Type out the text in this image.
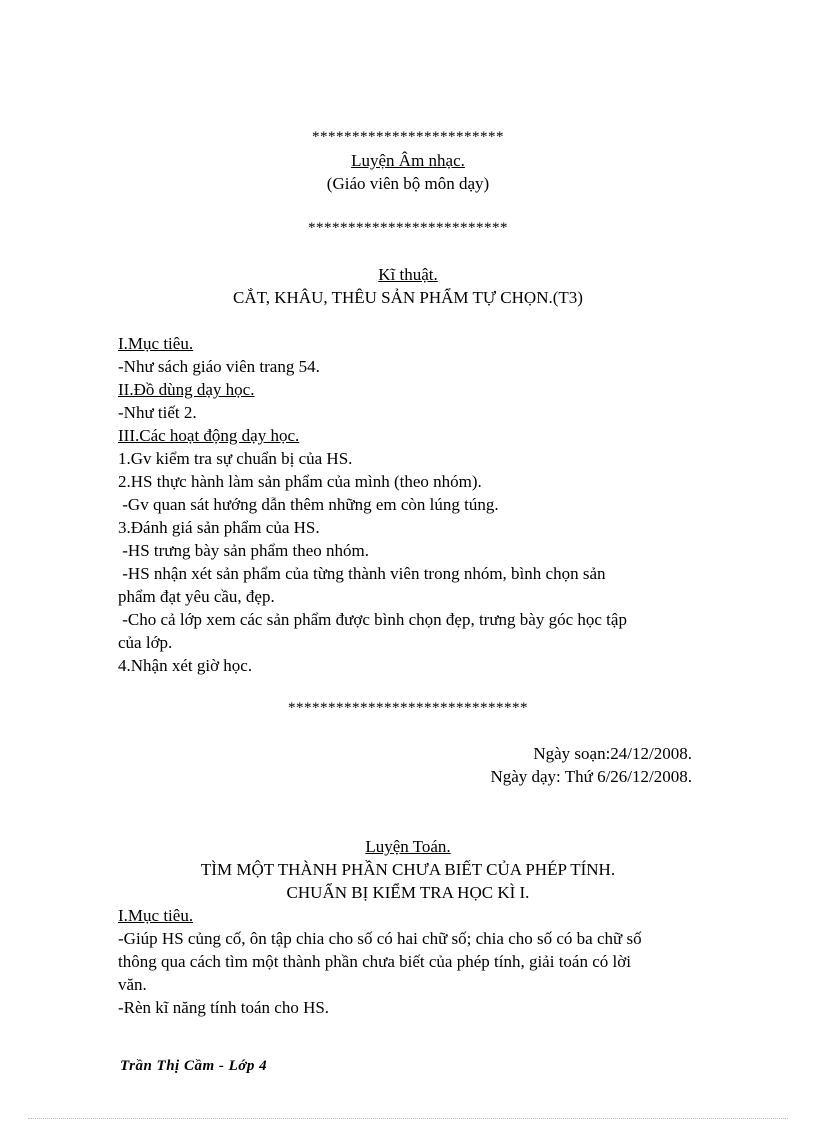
************************
Luyện Âm nhạc.
(Giáo viên bộ môn dạy)
*************************
Kĩ thuật.
CẮT, KHÂU, THÊU SẢN PHẨM TỰ CHỌN.(T3)
I.Mục tiêu.
-Như sách giáo viên trang 54.
II.Đồ dùng dạy học.
-Như tiết 2.
III.Các hoạt động dạy học.
1.Gv kiểm tra sự chuẩn bị của HS.
2.HS thực hành làm sản phẩm của mình (theo nhóm).
-Gv quan sát hướng dẫn thêm những em còn lúng túng.
3.Đánh giá sản phẩm của HS.
-HS trưng bày sản phẩm theo nhóm.
-HS nhận xét sản phẩm của từng thành viên trong nhóm, bình chọn sản
phẩm đạt yêu cầu, đẹp.
-Cho cả lớp xem các sản phẩm được bình chọn đẹp, trưng bày góc học tập
của lớp.
4.Nhận xét giờ học.
******************************
Ngày soạn:24/12/2008.
Ngày dạy: Thứ 6/26/12/2008.
Luyện Toán.
TÌM MỘT THÀNH PHẦN CHƯA BIẾT CỦA PHÉP TÍNH.
CHUẨN BỊ KIỂM TRA HỌC KÌ I.
I.Mục tiêu.
-Giúp HS củng cố, ôn tập chia cho số có hai chữ số; chia cho số có ba chữ số
thông qua cách tìm một thành phần chưa biết của phép tính, giải toán có lời
văn.
-Rèn kĩ năng tính toán cho HS.
Trần Thị Cầm - Lớp 4
